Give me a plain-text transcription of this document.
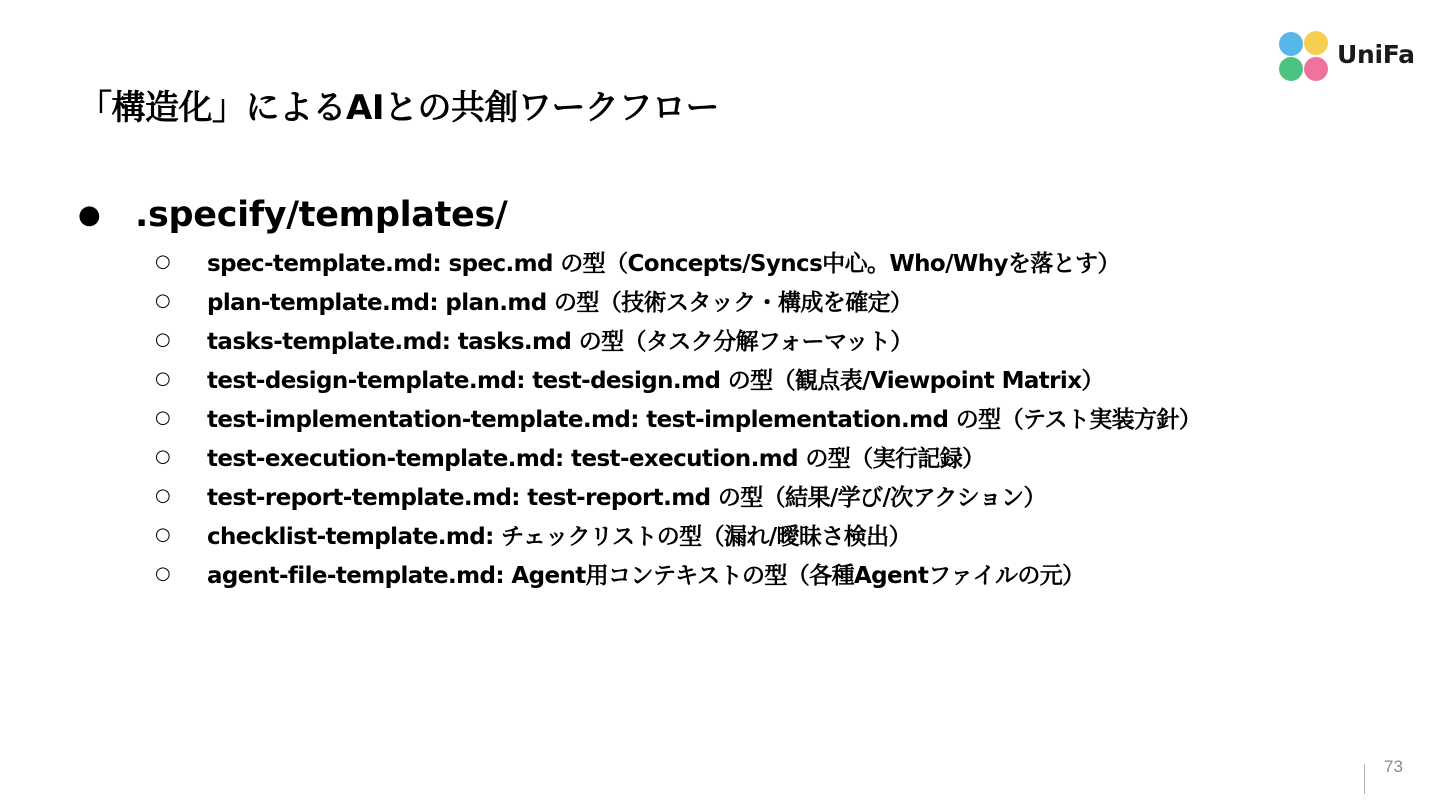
「構造化」によるAIとの共創ワークフロー
UniFa
● .specify/templates/
○	spec-template.md: spec.md の型（Concepts/Syncs中心。Who/Whyを落とす）
○	plan-template.md: plan.md の型（技術スタック・構成を確定）
○	tasks-template.md: tasks.md の型（タスク分解フォーマット）
○	test-design-template.md: test-design.md の型（観点表/Viewpoint Matrix）
○	test-implementation-template.md: test-implementation.md の型（テスト実装方針）
○	test-execution-template.md: test-execution.md の型（実行記録）
○	test-report-template.md: test-report.md の型（結果/学び/次アクション）
○	checklist-template.md: チェックリストの型（漏れ/曖昧さ検出）
○	agent-file-template.md: Agent用コンテキストの型（各種Agentファイルの元）
73
